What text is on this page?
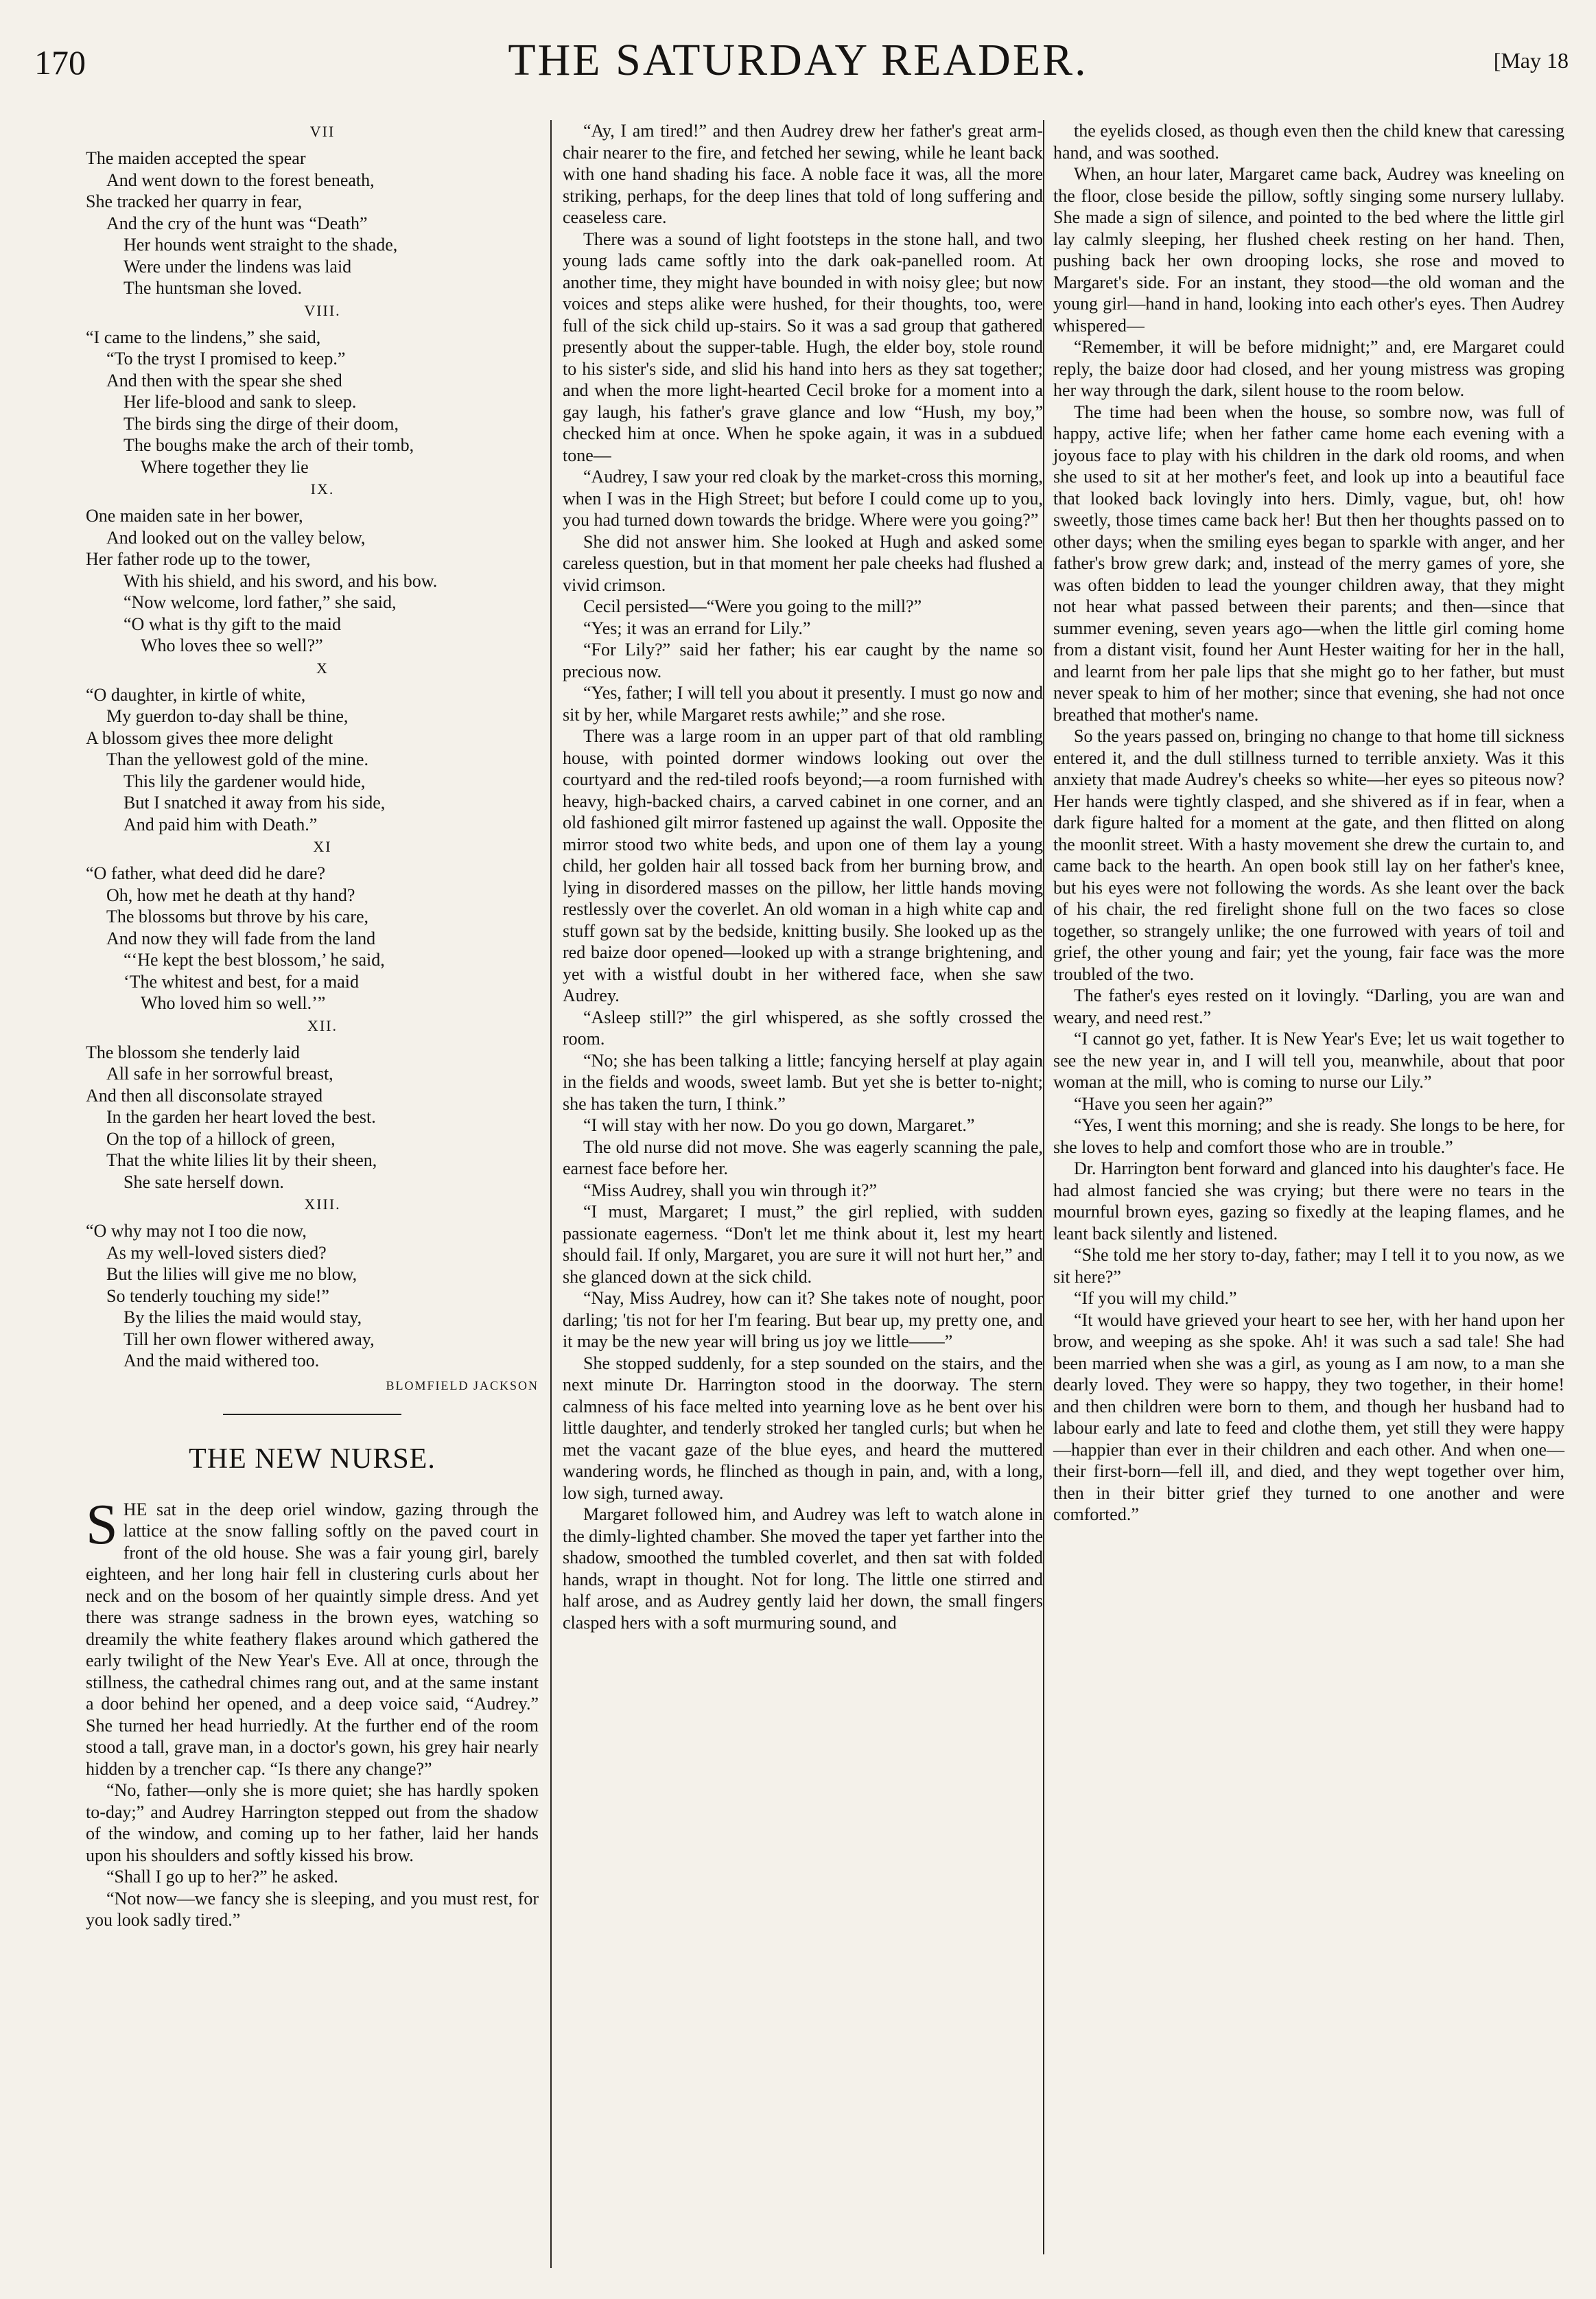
170	THE SATURDAY READER.	[May 18
VII
The maiden accepted the spear
And went down to the forest beneath,
She tracked her quarry in fear,
And the cry of the hunt was “Death”
Her hounds went straight to the shade,
Were under the lindens was laid
The huntsman she loved.
VIII.
“I came to the lindens,” she said,
“To the tryst I promised to keep.”
And then with the spear she shed
Her life-blood and sank to sleep.
The birds sing the dirge of their doom,
The boughs make the arch of their tomb,
Where together they lie
IX.
One maiden sate in her bower,
And looked out on the valley below,
Her father rode up to the tower,
With his shield, and his sword, and his bow.
“Now welcome, lord father,” she said,
“O what is thy gift to the maid
Who loves thee so well?”
X
“O daughter, in kirtle of white,
My guerdon to-day shall be thine,
A blossom gives thee more delight
Than the yellowest gold of the mine.
This lily the gardener would hide,
But I snatched it away from his side,
And paid him with Death.”
XI
“O father, what deed did he dare?
Oh, how met he death at thy hand?
The blossoms but throve by his care,
And now they will fade from the land
“‘He kept the best blossom,’ he said,
‘The whitest and best, for a maid
Who loved him so well.’”
XII.
The blossom she tenderly laid
All safe in her sorrowful breast,
And then all disconsolate strayed
In the garden her heart loved the best.
On the top of a hillock of green,
That the white lilies lit by their sheen,
She sate herself down.
XIII.
“O why may not I too die now,
As my well-loved sisters died?
But the lilies will give me no blow,
So tenderly touching my side!”
By the lilies the maid would stay,
Till her own flower withered away,
And the maid withered too.
BLOMFIELD JACKSON
THE NEW NURSE.

SHE sat in the deep oriel window, gazing through the lattice at the snow falling softly on the paved court in front of the old house. She was a fair young girl, barely eighteen, and her long hair fell in clustering curls about her neck and on the bosom of her quaintly simple dress. And yet there was strange sadness in the brown eyes, watching so dreamily the white feathery flakes around which gathered the early twilight of the New Year's Eve. All at once, through the stillness, the cathedral chimes rang out, and at the same instant a door behind her opened, and a deep voice said, “Audrey.” She turned her head hurriedly. At the further end of the room stood a tall, grave man, in a doctor's gown, his grey hair nearly hidden by a trencher cap. “Is there any change?”

“No, father—only she is more quiet; she has hardly spoken to-day;” and Audrey Harrington stepped out from the shadow of the window, and coming up to her father, laid her hands upon his shoulders and softly kissed his brow.

“Shall I go up to her?” he asked.

“Not now—we fancy she is sleeping, and you must rest, for you look sadly tired.”

“Ay, I am tired!” and then Audrey drew her father's great arm-chair nearer to the fire, and fetched her sewing, while he leant back with one hand shading his face. A noble face it was, all the more striking, perhaps, for the deep lines that told of long suffering and ceaseless care.

There was a sound of light footsteps in the stone hall, and two young lads came softly into the dark oak-panelled room. At another time, they might have bounded in with noisy glee; but now voices and steps alike were hushed, for their thoughts, too, were full of the sick child up-stairs. So it was a sad group that gathered presently about the supper-table. Hugh, the elder boy, stole round to his sister's side, and slid his hand into hers as they sat together; and when the more light-hearted Cecil broke for a moment into a gay laugh, his father's grave glance and low “Hush, my boy,” checked him at once. When he spoke again, it was in a subdued tone—

“Audrey, I saw your red cloak by the market-cross this morning, when I was in the High Street; but before I could come up to you, you had turned down towards the bridge. Where were you going?”

She did not answer him. She looked at Hugh and asked some careless question, but in that moment her pale cheeks had flushed a vivid crimson.

Cecil persisted—“Were you going to the mill?”

“Yes; it was an errand for Lily.”

“For Lily?” said her father; his ear caught by the name so precious now.

“Yes, father; I will tell you about it presently. I must go now and sit by her, while Margaret rests awhile;” and she rose.

There was a large room in an upper part of that old rambling house, with pointed dormer windows looking out over the courtyard and the red-tiled roofs beyond;—a room furnished with heavy, high-backed chairs, a carved cabinet in one corner, and an old fashioned gilt mirror fastened up against the wall. Opposite the mirror stood two white beds, and upon one of them lay a young child, her golden hair all tossed back from her burning brow, and lying in disordered masses on the pillow, her little hands moving restlessly over the coverlet. An old woman in a high white cap and stuff gown sat by the bedside, knitting busily. She looked up as the red baize door opened—looked up with a strange brightening, and yet with a wistful doubt in her withered face, when she saw Audrey.

“Asleep still?” the girl whispered, as she softly crossed the room.

“No; she has been talking a little; fancying herself at play again in the fields and woods, sweet lamb. But yet she is better to-night; she has taken the turn, I think.”

“I will stay with her now. Do you go down, Margaret.”

The old nurse did not move. She was eagerly scanning the pale, earnest face before her.

“Miss Audrey, shall you win through it?”

“I must, Margaret; I must,” the girl replied, with sudden passionate eagerness. “Don't let me think about it, lest my heart should fail. If only, Margaret, you are sure it will not hurt her,” and she glanced down at the sick child.

“Nay, Miss Audrey, how can it? She takes note of nought, poor darling; 'tis not for her I'm fearing. But bear up, my pretty one, and it may be the new year will bring us joy we little——”

She stopped suddenly, for a step sounded on the stairs, and the next minute Dr. Harrington stood in the doorway. The stern calmness of his face melted into yearning love as he bent over his little daughter, and tenderly stroked her tangled curls; but when he met the vacant gaze of the blue eyes, and heard the muttered wandering words, he flinched as though in pain, and, with a long, low sigh, turned away.

Margaret followed him, and Audrey was left to watch alone in the dimly-lighted chamber. She moved the taper yet farther into the shadow, smoothed the tumbled coverlet, and then sat with folded hands, wrapt in thought. Not for long. The little one stirred and half arose, and as Audrey gently laid her down, the small fingers clasped hers with a soft murmuring sound, and

the eyelids closed, as though even then the child knew that caressing hand, and was soothed.

When, an hour later, Margaret came back, Audrey was kneeling on the floor, close beside the pillow, softly singing some nursery lullaby. She made a sign of silence, and pointed to the bed where the little girl lay calmly sleeping, her flushed cheek resting on her hand. Then, pushing back her own drooping locks, she rose and moved to Margaret's side. For an instant, they stood—the old woman and the young girl—hand in hand, looking into each other's eyes. Then Audrey whispered—

“Remember, it will be before midnight;” and, ere Margaret could reply, the baize door had closed, and her young mistress was groping her way through the dark, silent house to the room below.

The time had been when the house, so sombre now, was full of happy, active life; when her father came home each evening with a joyous face to play with his children in the dark old rooms, and when she used to sit at her mother's feet, and look up into a beautiful face that looked back lovingly into hers. Dimly, vague, but, oh! how sweetly, those times came back her! But then her thoughts passed on to other days; when the smiling eyes began to sparkle with anger, and her father's brow grew dark; and, instead of the merry games of yore, she was often bidden to lead the younger children away, that they might not hear what passed between their parents; and then—since that summer evening, seven years ago—when the little girl coming home from a distant visit, found her Aunt Hester waiting for her in the hall, and learnt from her pale lips that she might go to her father, but must never speak to him of her mother; since that evening, she had not once breathed that mother's name.

So the years passed on, bringing no change to that home till sickness entered it, and the dull stillness turned to terrible anxiety. Was it this anxiety that made Audrey's cheeks so white—her eyes so piteous now? Her hands were tightly clasped, and she shivered as if in fear, when a dark figure halted for a moment at the gate, and then flitted on along the moonlit street. With a hasty movement she drew the curtain to, and came back to the hearth. An open book still lay on her father's knee, but his eyes were not following the words. As she leant over the back of his chair, the red firelight shone full on the two faces so close together, so strangely unlike; the one furrowed with years of toil and grief, the other young and fair; yet the young, fair face was the more troubled of the two.

The father's eyes rested on it lovingly. “Darling, you are wan and weary, and need rest.”

“I cannot go yet, father. It is New Year's Eve; let us wait together to see the new year in, and I will tell you, meanwhile, about that poor woman at the mill, who is coming to nurse our Lily.”

“Have you seen her again?”

“Yes, I went this morning; and she is ready. She longs to be here, for she loves to help and comfort those who are in trouble.”

Dr. Harrington bent forward and glanced into his daughter's face. He had almost fancied she was crying; but there were no tears in the mournful brown eyes, gazing so fixedly at the leaping flames, and he leant back silently and listened.

“She told me her story to-day, father; may I tell it to you now, as we sit here?”

“If you will my child.”

“It would have grieved your heart to see her, with her hand upon her brow, and weeping as she spoke. Ah! it was such a sad tale! She had been married when she was a girl, as young as I am now, to a man she dearly loved. They were so happy, they two together, in their home! and then children were born to them, and though her husband had to labour early and late to feed and clothe them, yet still they were happy—happier than ever in their children and each other. And when one—their first-born—fell ill, and died, and they wept together over him, then in their bitter grief they turned to one another and were comforted.”
